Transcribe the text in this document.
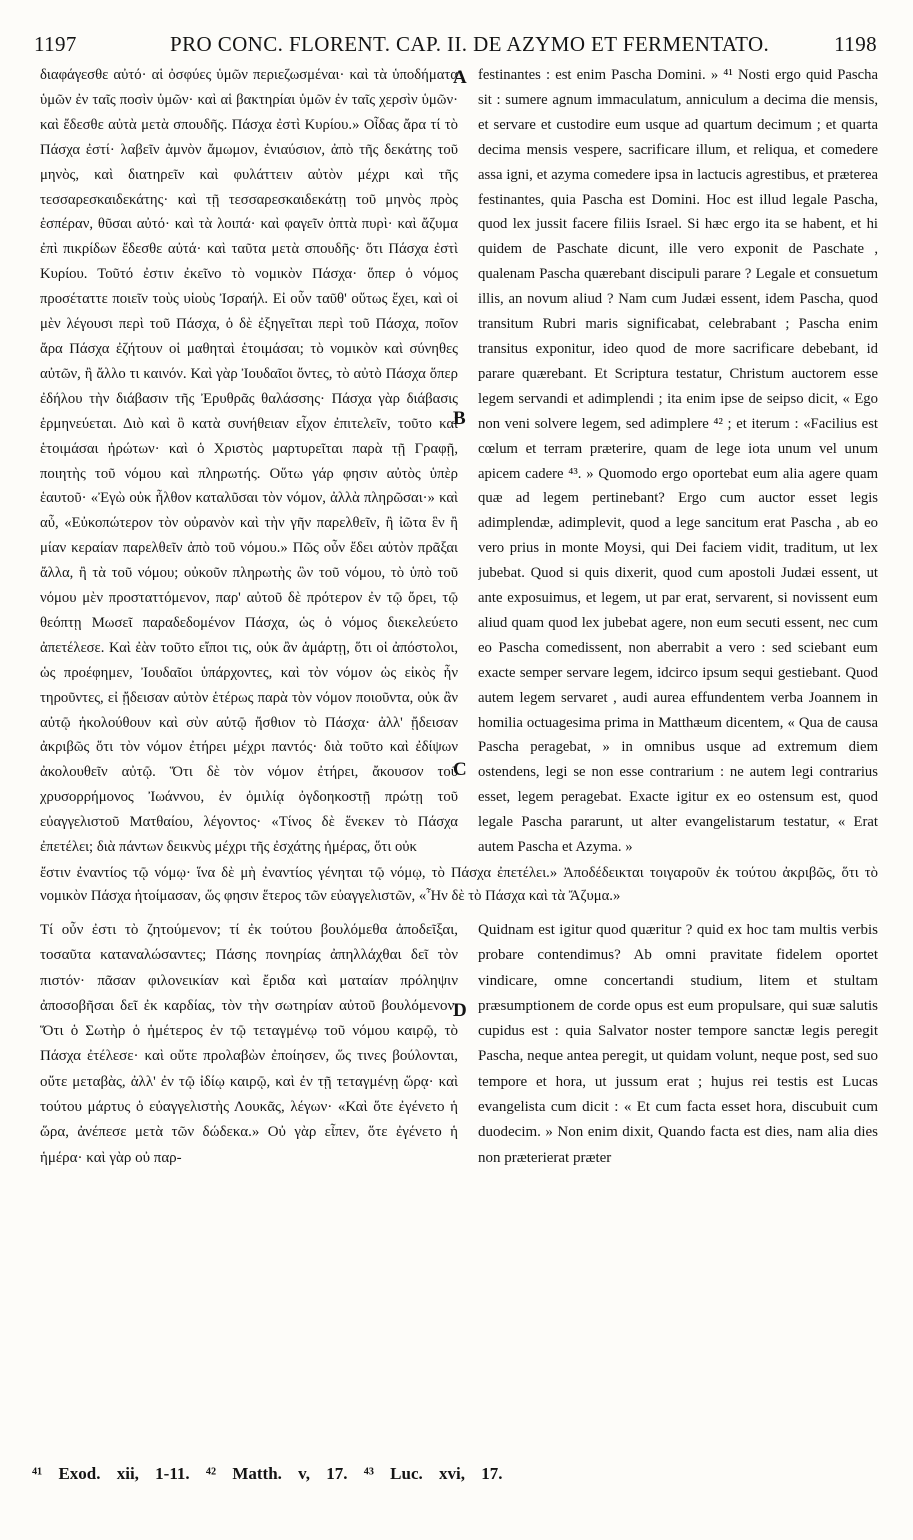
1197	PRO CONC. FLORENT. CAP. II. DE AZYMO ET FERMENTATO.	1198

διαφάγεσθε αὐτό· αἱ ὀσφύες ὑμῶν περιεζωσμέναι· καὶ τὰ ὑποδήματα ὑμῶν ἐν ταῖς ποσὶν ὑμῶν· καὶ αἱ βακτηρίαι ὑμῶν ἐν ταῖς χερσὶν ὑμῶν· καὶ ἔδεσθε αὐτὰ μετὰ σπουδῆς. Πάσχα ἐστὶ Κυρίου.» Οἶδας ἄρα τί τὸ Πάσχα ἐστί· λαβεῖν ἀμνὸν ἄμωμον, ἐνιαύσιον, ἀπὸ τῆς δεκάτης τοῦ μηνὸς, καὶ διατηρεῖν καὶ φυλάττειν αὐτὸν μέχρι καὶ τῆς τεσσαρεσκαιδεκάτης· καὶ τῇ τεσσαρεσκαιδεκάτῃ τοῦ μηνὸς πρὸς ἑσπέραν, θῦσαι αὐτό· καὶ τὰ λοιπά· καὶ φαγεῖν ὀπτὰ πυρὶ· καὶ ἄζυμα ἐπὶ πικρίδων ἔδεσθε αὐτά· καὶ ταῦτα μετὰ σπουδῆς· ὅτι Πάσχα ἐστὶ Κυρίου. Τοῦτό ἐστιν ἐκεῖνο τὸ νομικὸν Πάσχα· ὅπερ ὁ νόμος προσέταττε ποιεῖν τοὺς υἱοὺς Ἰσραήλ. Εἰ οὖν ταῦθ' οὕτως ἔχει, καὶ οἱ μὲν λέγουσι περὶ τοῦ Πάσχα, ὁ δὲ ἐξηγεῖται περὶ τοῦ Πάσχα, ποῖον ἄρα Πάσχα ἐζήτουν οἱ μαθηταὶ ἑτοιμάσαι; τὸ νομικὸν καὶ σύνηθες αὐτῶν, ἢ ἄλλο τι καινόν. Καὶ γὰρ Ἰουδαῖοι ὄντες, τὸ αὐτὸ Πάσχα ὅπερ ἐδήλου τὴν διάβασιν τῆς Ἐρυθρᾶς θαλάσσης· Πάσχα γὰρ διάβασις ἑρμηνεύεται. Διὸ καὶ ὃ κατὰ συνήθειαν εἶχον ἐπιτελεῖν, τοῦτο καὶ ἑτοιμάσαι ἠρώτων· καὶ ὁ Χριστὸς μαρτυρεῖται παρὰ τῇ Γραφῇ, ποιητὴς τοῦ νόμου καὶ πληρωτής. Οὕτω γάρ φησιν αὐτὸς ὑπὲρ ἑαυτοῦ· «Ἐγὼ οὐκ ἦλθον καταλῦσαι τὸν νόμον, ἀλλὰ πληρῶσαι·» καὶ αὖ, «Εὐκοπώτερον τὸν οὐρανὸν καὶ τὴν γῆν παρελθεῖν, ἢ ἰῶτα ἓν ἢ μίαν κεραίαν παρελθεῖν ἀπὸ τοῦ νόμου.» Πῶς οὖν ἔδει αὐτὸν πρᾶξαι ἄλλα, ἢ τὰ τοῦ νόμου; οὐκοῦν πληρωτὴς ὢν τοῦ νόμου, τὸ ὑπὸ τοῦ νόμου μὲν προσταττόμενον, παρ' αὐτοῦ δὲ πρότερον ἐν τῷ ὄρει, τῷ θεόπτῃ Μωσεῖ παραδεδομένον Πάσχα, ὡς ὁ νόμος διεκελεύετο ἀπετέλεσε. Καὶ ἐὰν τοῦτο εἴποι τις, οὐκ ἂν ἁμάρτῃ, ὅτι οἱ ἀπόστολοι, ὡς προέφημεν, Ἰουδαῖοι ὑπάρχοντες, καὶ τὸν νόμον ὡς εἰκὸς ἦν τηροῦντες, εἰ ᾔδεισαν αὐτὸν ἑτέρως παρὰ τὸν νόμον ποιοῦντα, οὐκ ἂν αὐτῷ ἠκολούθουν καὶ σὺν αὐτῷ ἤσθιον τὸ Πάσχα· ἀλλ' ᾔδεισαν ἀκριβῶς ὅτι τὸν νόμον ἐτήρει μέχρι παντός· διὰ τοῦτο καὶ ἐδίψων ἀκολουθεῖν αὐτῷ. Ὅτι δὲ τὸν νόμον ἐτήρει, ἄκουσον τοῦ χρυσορρήμονος Ἰωάννου, ἐν ὁμιλίᾳ ὀγδοηκοστῇ πρώτῃ τοῦ εὐαγγελιστοῦ Ματθαίου, λέγοντος· «Τίνος δὲ ἕνεκεν τὸ Πάσχα ἐπετέλει; διὰ πάντων δεικνὺς μέχρι τῆς ἐσχάτης ἡμέρας, ὅτι οὐκ

A
B
C
D

festinantes : est enim Pascha Domini. » ⁴¹ Nosti ergo quid Pascha sit : sumere agnum immaculatum, anniculum a decima die mensis, et servare et custodire eum usque ad quartum decimum ; et quarta decima mensis vespere, sacrificare illum, et reliqua, et comedere assa igni, et azyma comedere ipsa in lactucis agrestibus, et præterea festinantes, quia Pascha est Domini. Hoc est illud legale Pascha, quod lex jussit facere filiis Israel. Si hæc ergo ita se habent, et hi quidem de Paschate dicunt, ille vero exponit de Paschate , qualenam Pascha quærebant discipuli parare ? Legale et consuetum illis, an novum aliud ? Nam cum Judæi essent, idem Pascha, quod transitum Rubri maris significabat, celebrabant ; Pascha enim transitus exponitur, ideo quod de more sacrificare debebant, id parare quærebant. Et Scriptura testatur, Christum auctorem esse legem servandi et adimplendi ; ita enim ipse de seipso dicit, « Ego non veni solvere legem, sed adimplere ⁴² ; et iterum : «Facilius est cœlum et terram præterire, quam de lege iota unum vel unum apicem cadere ⁴³. » Quomodo ergo oportebat eum alia agere quam quæ ad legem pertinebant? Ergo cum auctor esset legis adimplendæ, adimplevit, quod a lege sancitum erat Pascha , ab eo vero prius in monte Moysi, qui Dei faciem vidit, traditum, ut lex jubebat. Quod si quis dixerit, quod cum apostoli Judæi essent, ut ante exposuimus, et legem, ut par erat, servarent, si novissent eum aliud quam quod lex jubebat agere, non eum secuti essent, nec cum eo Pascha comedissent, non aberrabit a vero : sed sciebant eum exacte semper servare legem, idcirco ipsum sequi gestiebant. Quod autem legem servaret , audi aurea effundentem verba Joannem in homilia octuagesima prima in Matthæum dicentem, « Qua de causa Pascha peragebat, » in omnibus usque ad extremum diem ostendens, legi se non esse contrarium : ne autem legi contrarius esset, legem peragebat. Exacte igitur ex eo ostensum est, quod legale Pascha pararunt, ut alter evangelistarum testatur, « Erat autem Pascha et Azyma. »

ἔστιν ἐναντίος τῷ νόμῳ· ἵνα δὲ μὴ ἐναντίος γένηται τῷ νόμῳ, τὸ Πάσχα ἐπετέλει.» Ἀποδέδεικται τοιγαροῦν ἐκ τούτου ἀκριβῶς, ὅτι τὸ νομικὸν Πάσχα ἡτοίμασαν, ὥς φησιν ἕτερος τῶν εὐαγγελιστῶν, «Ἦν δὲ τὸ Πάσχα καὶ τὰ Ἄζυμα.»

Τί οὖν ἐστι τὸ ζητούμενον; τί ἐκ τούτου βουλόμεθα ἀποδεῖξαι, τοσαῦτα καταναλώσαντες; Πάσης πονηρίας ἀπηλλάχθαι δεῖ τὸν πιστόν· πᾶσαν φιλονεικίαν καὶ ἔριδα καὶ ματαίαν πρόληψιν ἀποσοβῆσαι δεῖ ἐκ καρδίας, τὸν τὴν σωτηρίαν αὐτοῦ βουλόμενον. Ὅτι ὁ Σωτὴρ ὁ ἡμέτερος ἐν τῷ τεταγμένῳ τοῦ νόμου καιρῷ, τὸ Πάσχα ἐτέλεσε· καὶ οὔτε προλαβὼν ἐποίησεν, ὥς τινες βούλονται, οὔτε μεταβὰς, ἀλλ' ἐν τῷ ἰδίῳ καιρῷ, καὶ ἐν τῇ τεταγμένῃ ὥρᾳ· καὶ τούτου μάρτυς ὁ εὐαγγελιστὴς Λουκᾶς, λέγων· «Καὶ ὅτε ἐγένετο ἡ ὥρα, ἀνέπεσε μετὰ τῶν δώδεκα.» Οὐ γὰρ εἶπεν, ὅτε ἐγένετο ἡ ἡμέρα· καὶ γὰρ οὐ παρ-

Quidnam est igitur quod quæritur ? quid ex hoc tam multis verbis probare contendimus? Ab omni pravitate fidelem oportet vindicare, omne concertandi studium, litem et stultam præsumptionem de corde opus est eum propulsare, qui suæ salutis cupidus est : quia Salvator noster tempore sanctæ legis peregit Pascha, neque antea peregit, ut quidam volunt, neque post, sed suo tempore et hora, ut jussum erat ; hujus rei testis est Lucas evangelista cum dicit : « Et cum facta esset hora, discubuit cum duodecim. » Non enim dixit, Quando facta est dies, nam alia dies non præterierat præter

⁴¹ Exod. xii, 1-11. ⁴² Matth. v, 17. ⁴³ Luc. xvi, 17.
